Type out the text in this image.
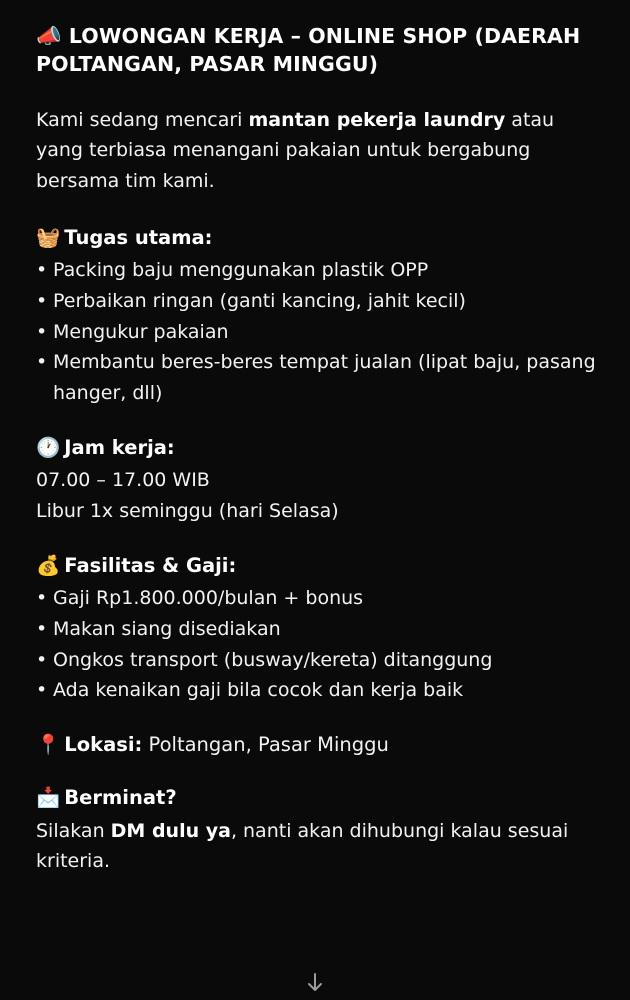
📣 LOWONGAN KERJA – ONLINE SHOP (DAERAH POLTANGAN, PASAR MINGGU)

Kami sedang mencari mantan pekerja laundry atau yang terbiasa menangani pakaian untuk bergabung bersama tim kami.

🧺 Tugas utama:
• Packing baju menggunakan plastik OPP
• Perbaikan ringan (ganti kancing, jahit kecil)
• Mengukur pakaian
• Membantu beres-beres tempat jualan (lipat baju, pasang hanger, dll)
🕐 Jam kerja:
07.00 – 17.00 WIB
Libur 1x seminggu (hari Selasa)
💰 Fasilitas & Gaji:
• Gaji Rp1.800.000/bulan + bonus
• Makan siang disediakan
• Ongkos transport (busway/kereta) ditanggung
• Ada kenaikan gaji bila cocok dan kerja baik
📍 Lokasi: Poltangan, Pasar Minggu
📩 Berminat?

Silakan DM dulu ya, nanti akan dihubungi kalau sesuai kriteria.
